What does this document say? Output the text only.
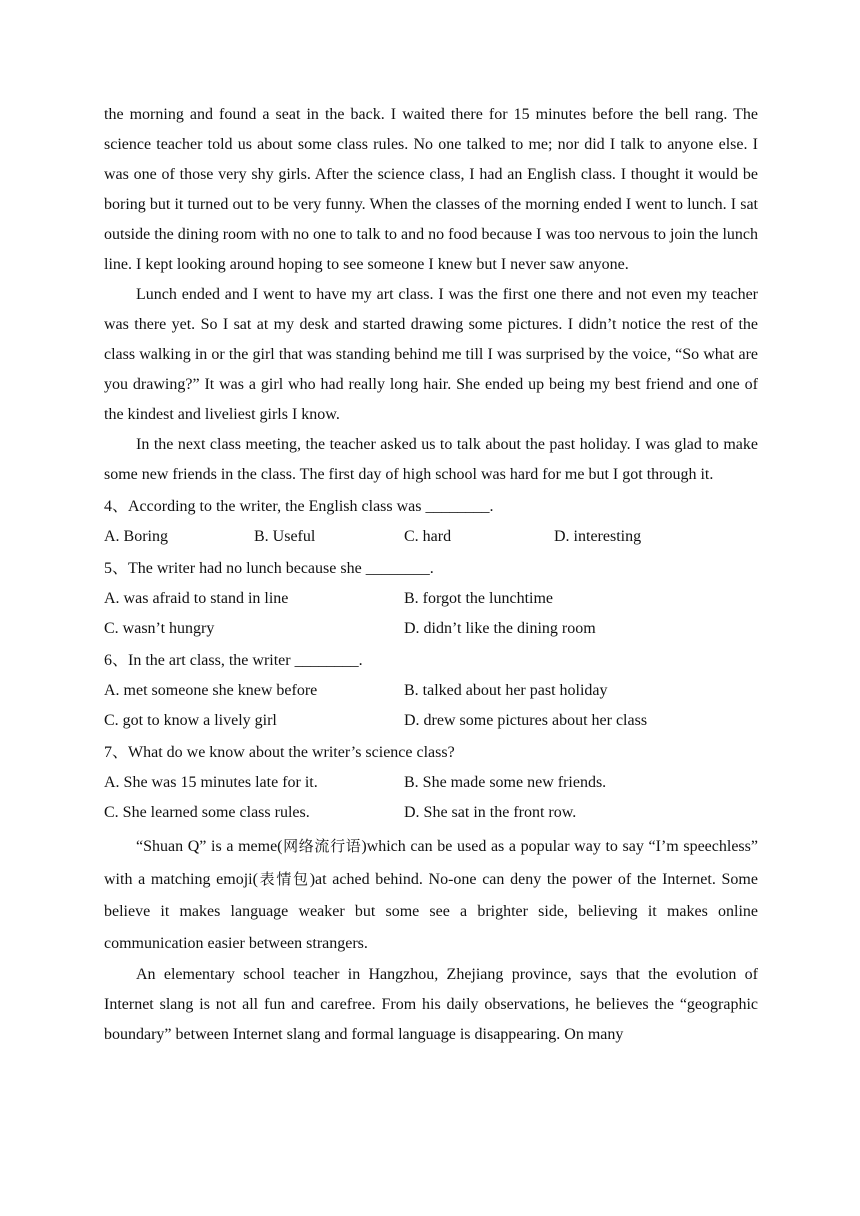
the morning and found a seat in the back. I waited there for 15 minutes before the bell rang. The science teacher told us about some class rules. No one talked to me; nor did I talk to anyone else. I was one of those very shy girls. After the science class, I had an English class. I thought it would be boring but it turned out to be very funny. When the classes of the morning ended I went to lunch. I sat outside the dining room with no one to talk to and no food because I was too nervous to join the lunch line. I kept looking around hoping to see someone I knew but I never saw anyone.

Lunch ended and I went to have my art class. I was the first one there and not even my teacher was there yet. So I sat at my desk and started drawing some pictures. I didn’t notice the rest of the class walking in or the girl that was standing behind me till I was surprised by the voice, “So what are you drawing?” It was a girl who had really long hair. She ended up being my best friend and one of the kindest and liveliest girls I know.

In the next class meeting, the teacher asked us to talk about the past holiday. I was glad to make some new friends in the class. The first day of high school was hard for me but I got through it.

4、According to the writer, the English class was ________.

A. Boring	B. Useful	C. hard	D. interesting

5、The writer had no lunch because she ________.

A. was afraid to stand in line	B. forgot the lunchtime
C. wasn’t hungry	D. didn’t like the dining room

6、In the art class, the writer ________.

A. met someone she knew before	B. talked about her past holiday
C. got to know a lively girl	D. drew some pictures about her class

7、What do we know about the writer’s science class?

A. She was 15 minutes late for it.	B. She made some new friends.
C. She learned some class rules.	D. She sat in the front row.

“Shuan Q” is a meme(网络流行语)which can be used as a popular way to say “I’m speechless” with a matching emoji(表情包)at ached behind. No-one can deny the power of the Internet. Some believe it makes language weaker but some see a brighter side, believing it makes online communication easier between strangers.

An elementary school teacher in Hangzhou, Zhejiang province, says that the evolution of Internet slang is not all fun and carefree. From his daily observations, he believes the “geographic boundary” between Internet slang and formal language is disappearing. On many
